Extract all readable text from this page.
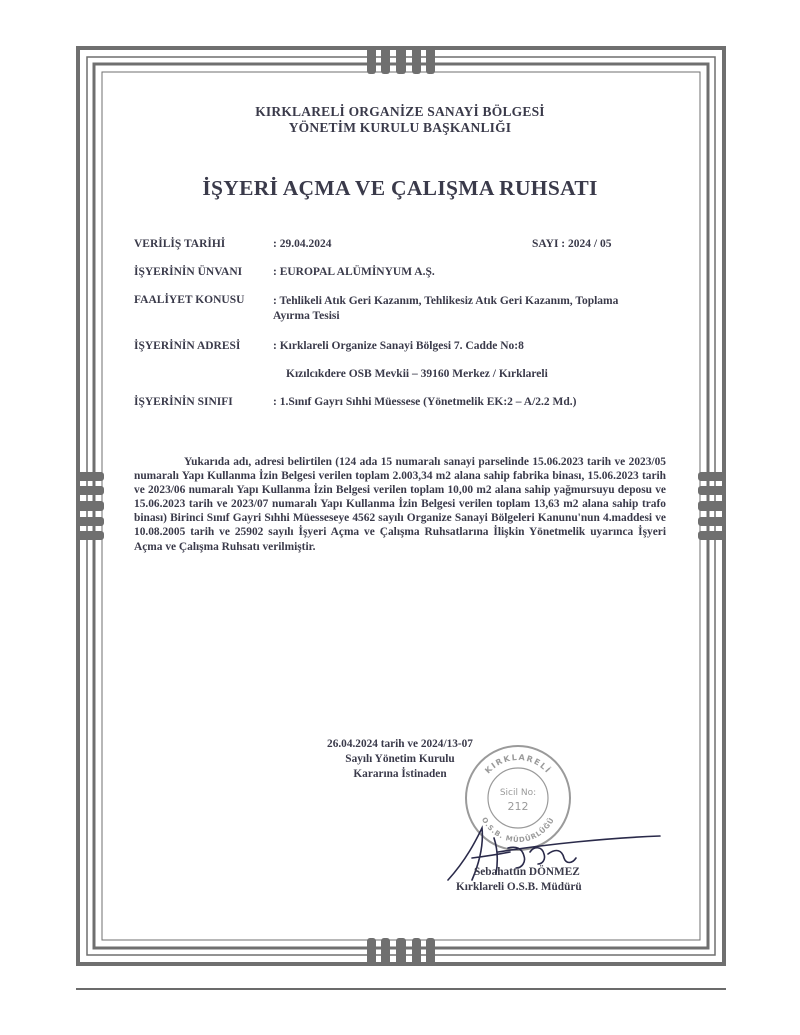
KIRKLARELİ ORGANİZE SANAYİ BÖLGESİ
YÖNETİM KURULU BAŞKANLIĞI
İŞYERİ AÇMA VE ÇALIŞMA RUHSATI
VERİLİŞ TARİHİ	: 29.04.2024	SAYI : 2024 / 05
İŞYERİNİN ÜNVANI	: EUROPAL ALÜMİNYUM A.Ş.
FAALİYET KONUSU : Tehlikeli Atık Geri Kazanım, Tehlikesiz Atık Geri Kazanım, Toplama Ayırma Tesisi
İŞYERİNİN ADRESİ	: Kırklareli Organize Sanayi Bölgesi 7. Cadde No:8
Kızılcıkdere OSB Mevkii – 39160 Merkez / Kırklareli
İŞYERİNİN SINIFI	: 1.Sınıf Gayrı Sıhhi Müessese (Yönetmelik EK:2 – A/2.2 Md.)
Yukarıda adı, adresi belirtilen (124 ada 15 numaralı sanayi parselinde 15.06.2023 tarih ve 2023/05 numaralı Yapı Kullanma İzin Belgesi verilen toplam 2.003,34 m2 alana sahip fabrika binası, 15.06.2023 tarih ve 2023/06 numaralı Yapı Kullanma İzin Belgesi verilen toplam 10,00 m2 alana sahip yağmursuyu deposu ve 15.06.2023 tarih ve 2023/07 numaralı Yapı Kullanma İzin Belgesi verilen toplam 13,63 m2 alana sahip trafo binası) Birinci Sınıf Gayri Sıhhi Müesseseye 4562 sayılı Organize Sanayi Bölgeleri Kanunu'nun 4.maddesi ve 10.08.2005 tarih ve 25902 sayılı İşyeri Açma ve Çalışma Ruhsatlarına İlişkin Yönetmelik uyarınca İşyeri Açma ve Çalışma Ruhsatı verilmiştir.
26.04.2024 tarih ve 2024/13-07
Sayılı Yönetim Kurulu
Kararına İstinaden	KIRKLARELİ
O.S.B. MÜDÜRLÜĞÜ
Sicil No:
212
Sebahattin DÖNMEZ
Kırklareli O.S.B. Müdürü
